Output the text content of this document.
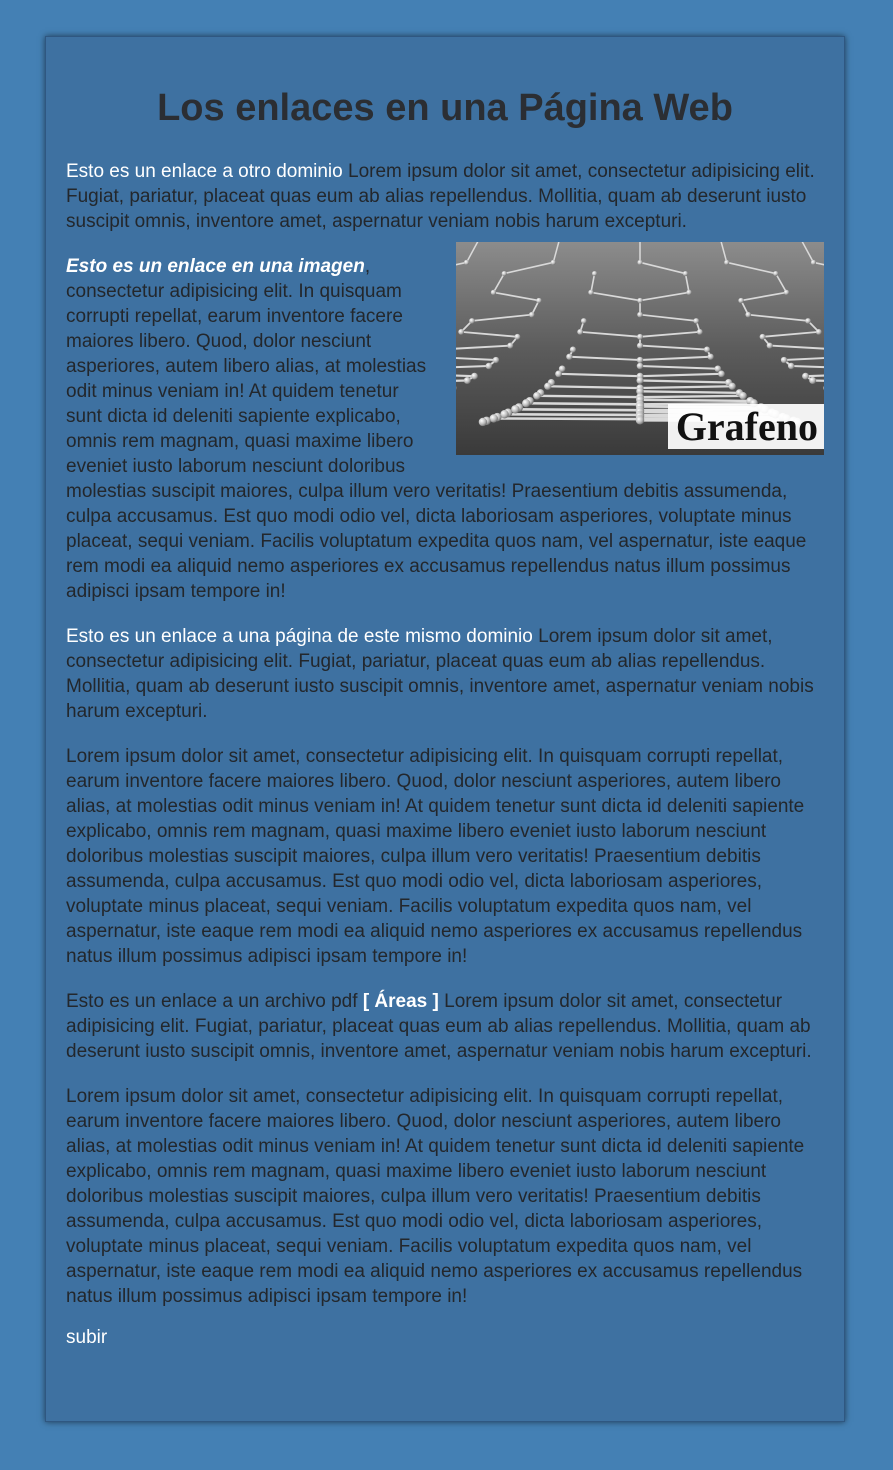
Los enlaces en una Página Web

Esto es un enlace a otro dominio Lorem ipsum dolor sit amet, consectetur adipisicing elit. Fugiat, pariatur, placeat quas eum ab alias repellendus. Mollitia, quam ab deserunt iusto suscipit omnis, inventore amet, aspernatur veniam nobis harum excepturi.

Grafeno
Esto es un enlace en una imagen, consectetur adipisicing elit. In quisquam corrupti repellat, earum inventore facere maiores libero. Quod, dolor nesciunt asperiores, autem libero alias, at molestias odit minus veniam in! At quidem tenetur sunt dicta id deleniti sapiente explicabo, omnis rem magnam, quasi maxime libero eveniet iusto laborum nesciunt doloribus molestias suscipit maiores, culpa illum vero veritatis! Praesentium debitis assumenda, culpa accusamus. Est quo modi odio vel, dicta laboriosam asperiores, voluptate minus placeat, sequi veniam. Facilis voluptatum expedita quos nam, vel aspernatur, iste eaque rem modi ea aliquid nemo asperiores ex accusamus repellendus natus illum possimus adipisci ipsam tempore in!

Esto es un enlace a una página de este mismo dominio Lorem ipsum dolor sit amet, consectetur adipisicing elit. Fugiat, pariatur, placeat quas eum ab alias repellendus. Mollitia, quam ab deserunt iusto suscipit omnis, inventore amet, aspernatur veniam nobis harum excepturi.

Lorem ipsum dolor sit amet, consectetur adipisicing elit. In quisquam corrupti repellat, earum inventore facere maiores libero. Quod, dolor nesciunt asperiores, autem libero alias, at molestias odit minus veniam in! At quidem tenetur sunt dicta id deleniti sapiente explicabo, omnis rem magnam, quasi maxime libero eveniet iusto laborum nesciunt doloribus molestias suscipit maiores, culpa illum vero veritatis! Praesentium debitis assumenda, culpa accusamus. Est quo modi odio vel, dicta laboriosam asperiores, voluptate minus placeat, sequi veniam. Facilis voluptatum expedita quos nam, vel aspernatur, iste eaque rem modi ea aliquid nemo asperiores ex accusamus repellendus natus illum possimus adipisci ipsam tempore in!

Esto es un enlace a un archivo pdf [ Áreas ] Lorem ipsum dolor sit amet, consectetur adipisicing elit. Fugiat, pariatur, placeat quas eum ab alias repellendus. Mollitia, quam ab deserunt iusto suscipit omnis, inventore amet, aspernatur veniam nobis harum excepturi.

Lorem ipsum dolor sit amet, consectetur adipisicing elit. In quisquam corrupti repellat, earum inventore facere maiores libero. Quod, dolor nesciunt asperiores, autem libero alias, at molestias odit minus veniam in! At quidem tenetur sunt dicta id deleniti sapiente explicabo, omnis rem magnam, quasi maxime libero eveniet iusto laborum nesciunt doloribus molestias suscipit maiores, culpa illum vero veritatis! Praesentium debitis assumenda, culpa accusamus. Est quo modi odio vel, dicta laboriosam asperiores, voluptate minus placeat, sequi veniam. Facilis voluptatum expedita quos nam, vel aspernatur, iste eaque rem modi ea aliquid nemo asperiores ex accusamus repellendus natus illum possimus adipisci ipsam tempore in!

subir
